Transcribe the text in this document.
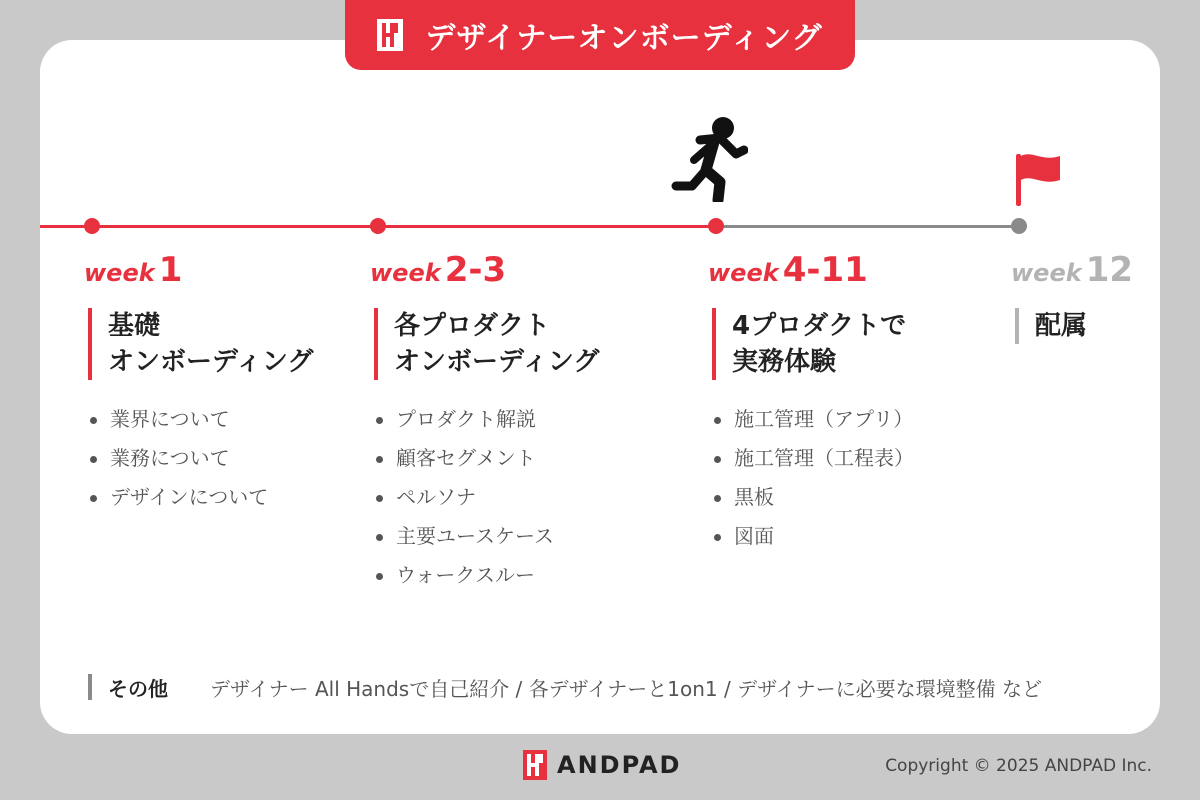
デザイナーオンボーディング
week 1	week 2-3	week 4-11	week 12
基礎
オンボーディング
各プロダクト
オンボーディング
4プロダクトで
実務体験
配属
業界について
業務について
デザインについて
プロダクト解説
顧客セグメント
ペルソナ
主要ユースケース
ウォークスルー
施工管理（アプリ）
施工管理（工程表）
黒板
図面
その他	デザイナー All Handsで自己紹介 / 各デザイナーと1on1 / デザイナーに必要な環境整備 など
ANDPAD	Copyright © 2025 ANDPAD Inc.
